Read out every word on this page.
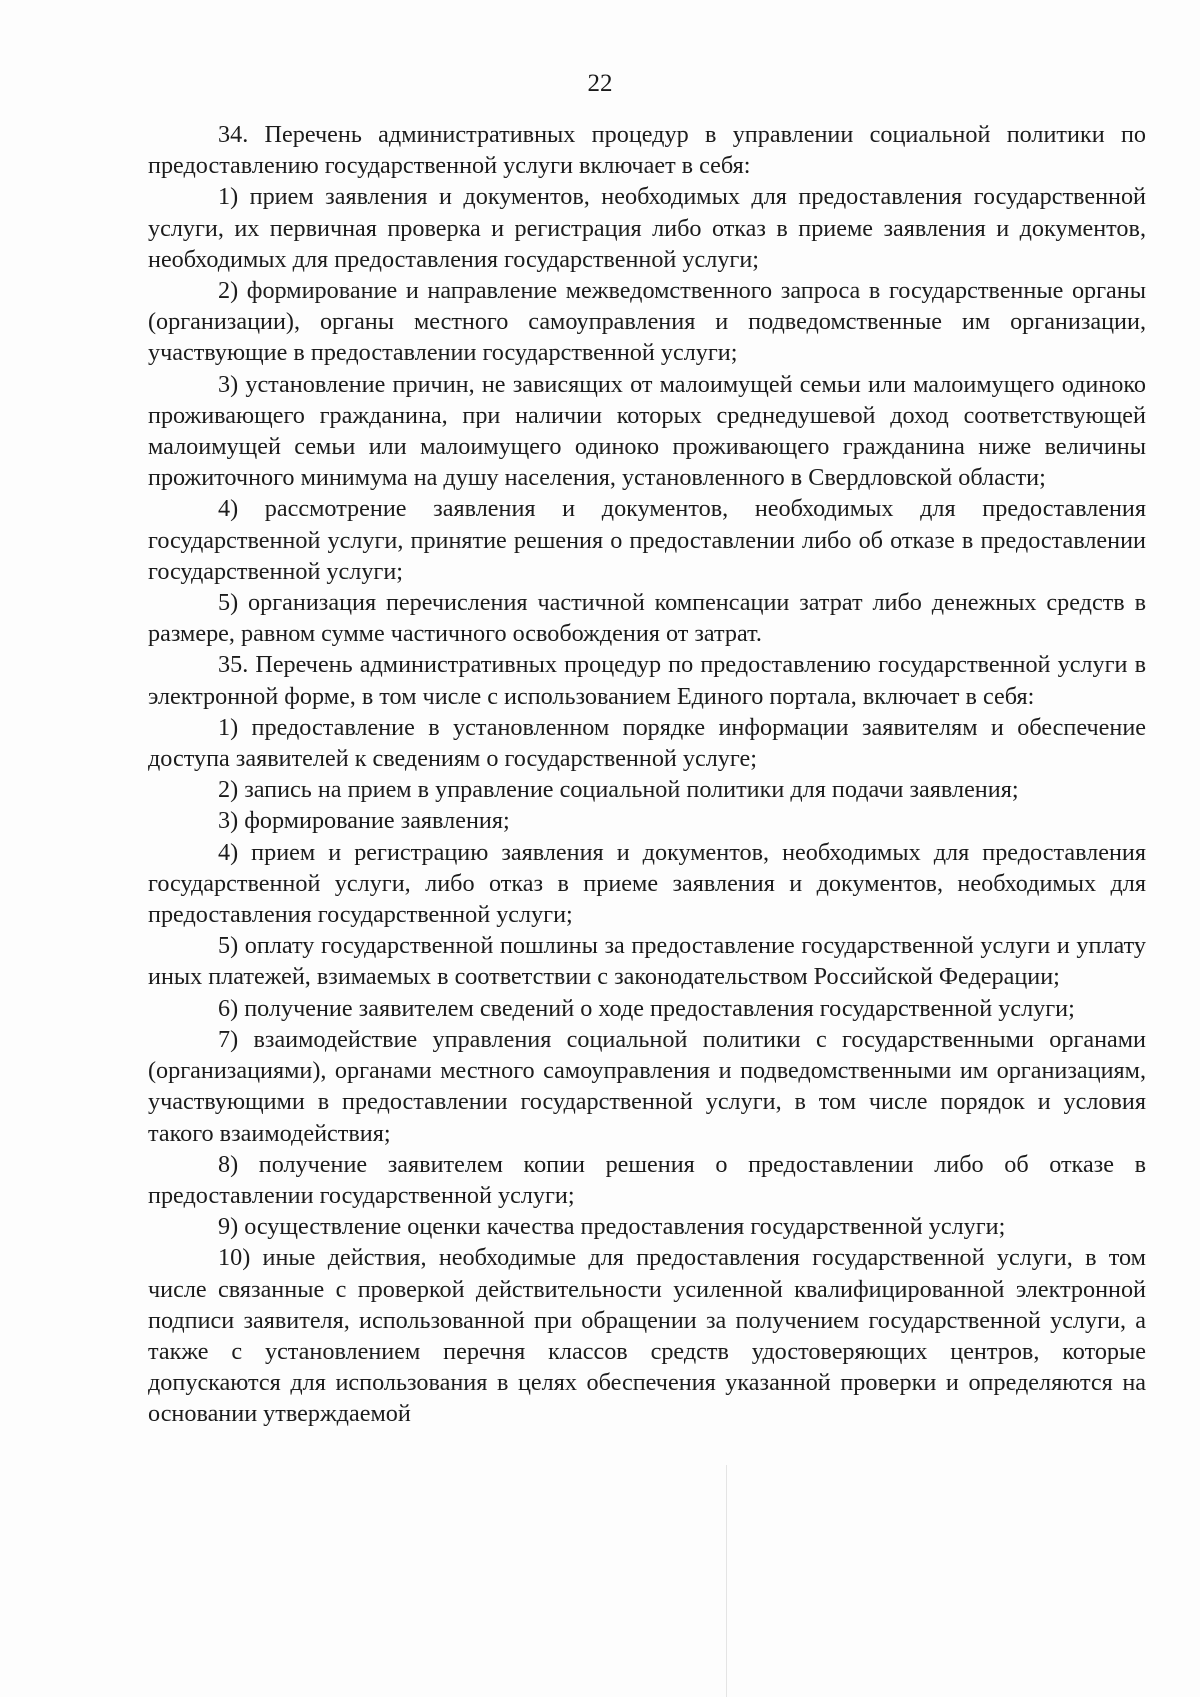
22

34. Перечень административных процедур в управлении социальной политики по предоставлению государственной услуги включает в себя:

1) прием заявления и документов, необходимых для предоставления государственной услуги, их первичная проверка и регистрация либо отказ в приеме заявления и документов, необходимых для предоставления государственной услуги;

2) формирование и направление межведомственного запроса в государственные органы (организации), органы местного самоуправления и подведомственные им организации, участвующие в предоставлении государственной услуги;

3) установление причин, не зависящих от малоимущей семьи или малоимущего одиноко проживающего гражданина, при наличии которых среднедушевой доход соответствующей малоимущей семьи или малоимущего одиноко проживающего гражданина ниже величины прожиточного минимума на душу населения, установленного в Свердловской области;

4) рассмотрение заявления и документов, необходимых для предоставления государственной услуги, принятие решения о предоставлении либо об отказе в предоставлении государственной услуги;

5) организация перечисления частичной компенсации затрат либо денежных средств в размере, равном сумме частичного освобождения от затрат.

35. Перечень административных процедур по предоставлению государственной услуги в электронной форме, в том числе с использованием Единого портала, включает в себя:

1) предоставление в установленном порядке информации заявителям и обеспечение доступа заявителей к сведениям о государственной услуге;

2) запись на прием в управление социальной политики для подачи заявления;

3) формирование заявления;

4) прием и регистрацию заявления и документов, необходимых для предоставления государственной услуги, либо отказ в приеме заявления и документов, необходимых для предоставления государственной услуги;

5) оплату государственной пошлины за предоставление государственной услуги и уплату иных платежей, взимаемых в соответствии с законодательством Российской Федерации;

6) получение заявителем сведений о ходе предоставления государственной услуги;

7) взаимодействие управления социальной политики с государственными органами (организациями), органами местного самоуправления и подведомственными им организациям, участвующими в предоставлении государственной услуги, в том числе порядок и условия такого взаимодействия;

8) получение заявителем копии решения о предоставлении либо об отказе в предоставлении государственной услуги;

9) осуществление оценки качества предоставления государственной услуги;

10) иные действия, необходимые для предоставления государственной услуги, в том числе связанные с проверкой действительности усиленной квалифицированной электронной подписи заявителя, использованной при обращении за получением государственной услуги, а также с установлением перечня классов средств удостоверяющих центров, которые допускаются для использования в целях обеспечения указанной проверки и определяются на основании утверждаемой
